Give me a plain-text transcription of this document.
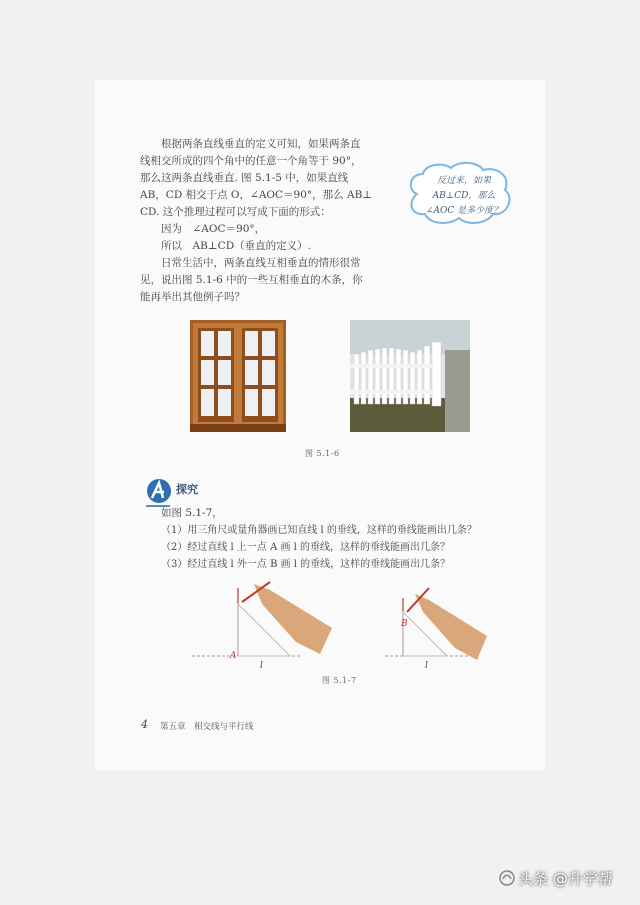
根据两条直线垂直的定义可知，如果两条直
线相交所成的四个角中的任意一个角等于 90°，
那么这两条直线垂直. 图 5.1-5 中，如果直线
AB，CD 相交于点 O，∠AOC＝90°，那么 AB⊥
CD. 这个推理过程可以写成下面的形式：
因为　∠AOC＝90°，
所以　AB⊥CD（垂直的定义）.
日常生活中，两条直线互相垂直的情形很常
见，说出图 5.1-6 中的一些互相垂直的木条，你
能再举出其他例子吗？

反过来，如果
AB⊥CD，那么
∠AOC 是多少度？
图 5.1-6
探究

如图 5.1-7，
（1）用三角尺或量角器画已知直线 l 的垂线，这样的垂线能画出几条？
（2）经过直线 l 上一点 A 画 l 的垂线，这样的垂线能画出几条？
（3）经过直线 l 外一点 B 画 l 的垂线，这样的垂线能画出几条？

A
l
B
l
图 5.1-7
4 第五章　相交线与平行线
头条 @升学帮
